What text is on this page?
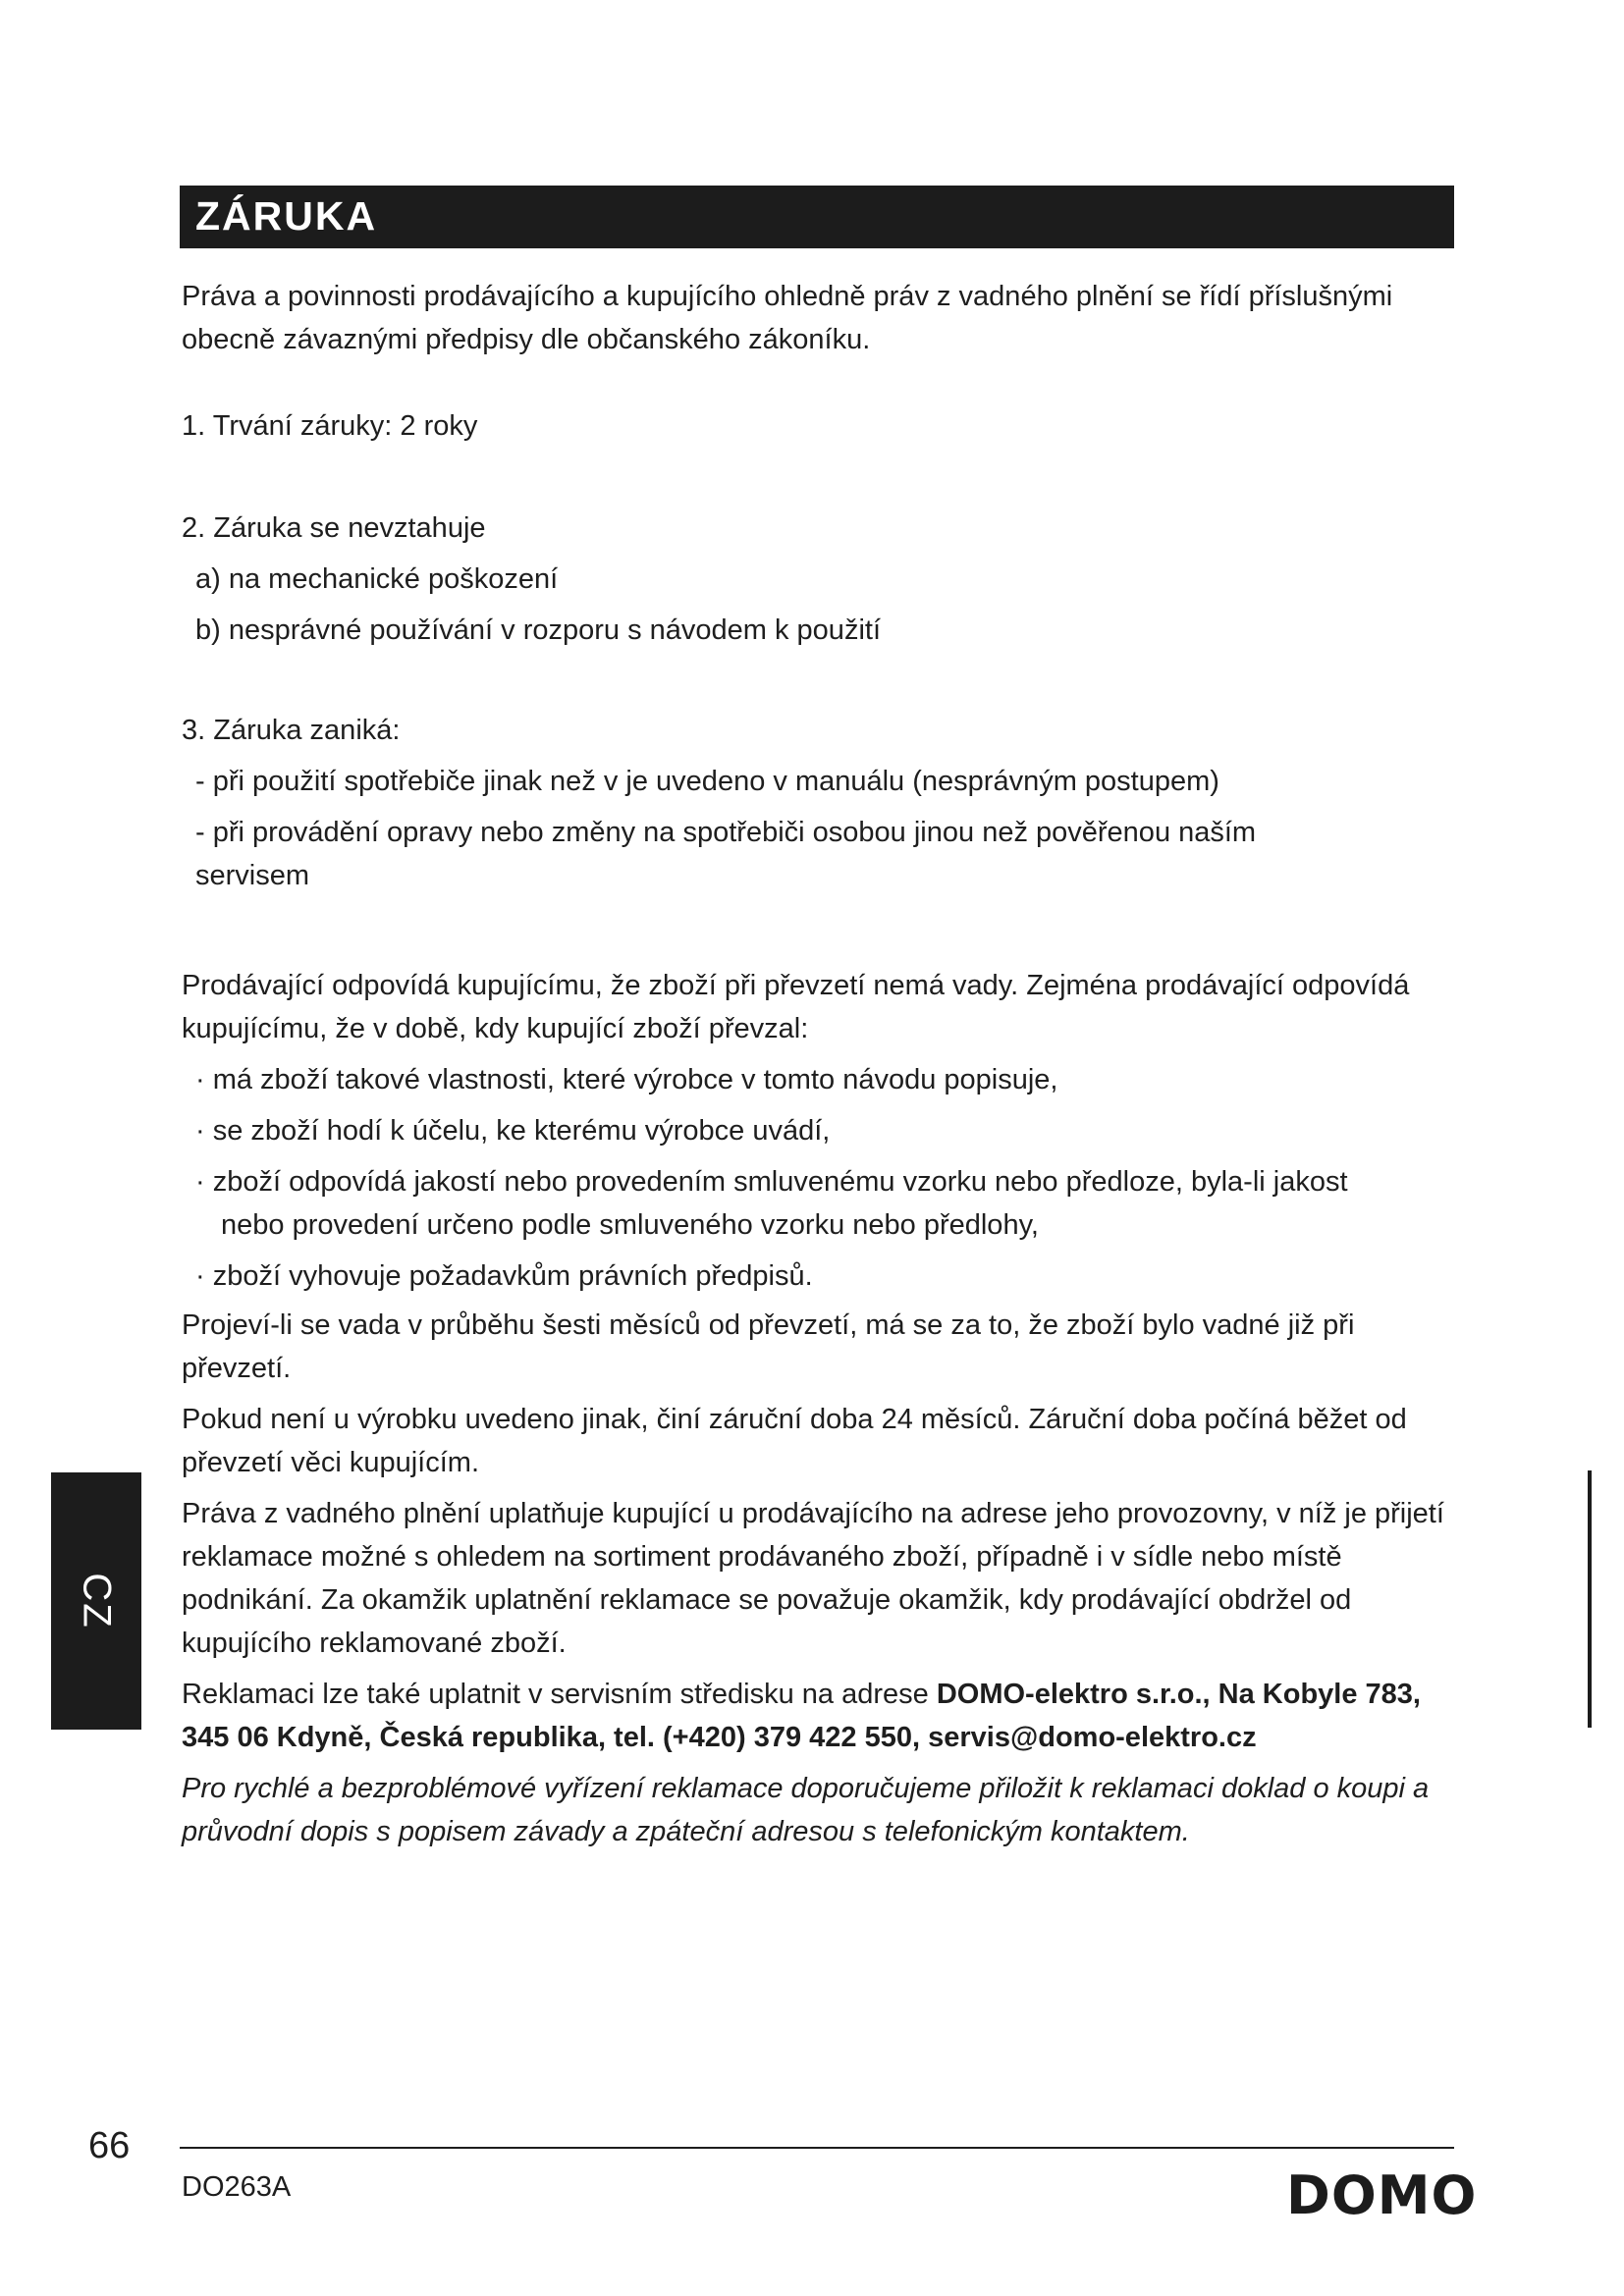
ZÁRUKA

Práva a povinnosti prodávajícího a kupujícího ohledně práv z vadného plnění se řídí příslušnými obecně závaznými předpisy dle občanského zákoníku.

1. Trvání záruky: 2 roky

2. Záruka se nevztahuje

a) na mechanické poškození

b) nesprávné používání v rozporu s návodem k použití

3. Záruka zaniká:

- při použití spotřebiče jinak než v je uvedeno v manuálu (nesprávným postupem)

- při provádění opravy nebo změny na spotřebiči osobou jinou než pověřenou naším servisem

Prodávající odpovídá kupujícímu, že zboží při převzetí nemá vady. Zejména prodávající odpovídá kupujícímu, že v době, kdy kupující zboží převzal:

· má zboží takové vlastnosti, které výrobce v tomto návodu popisuje,

· se zboží hodí k účelu, ke kterému výrobce uvádí,

· zboží odpovídá jakostí nebo provedením smluvenému vzorku nebo předloze, byla-li jakost

nebo provedení určeno podle smluveného vzorku nebo předlohy,

· zboží vyhovuje požadavkům právních předpisů.

Projeví-li se vada v průběhu šesti měsíců od převzetí, má se za to, že zboží bylo vadné již při převzetí.

Pokud není u výrobku uvedeno jinak, činí záruční doba 24 měsíců. Záruční doba počíná běžet od převzetí věci kupujícím.

Práva z vadného plnění uplatňuje kupující u prodávajícího na adrese jeho provozovny, v níž je přijetí reklamace možné s ohledem na sortiment prodávaného zboží, případně i v sídle nebo místě podnikání. Za okamžik uplatnění reklamace se považuje okamžik, kdy prodávající obdržel od kupujícího reklamované zboží.

Reklamaci lze také uplatnit v servisním středisku na adrese DOMO-elektro s.r.o., Na Kobyle 783, 345 06 Kdyně, Česká republika, tel. (+420) 379 422 550, servis@domo-elektro.cz

Pro rychlé a bezproblémové vyřízení reklamace doporučujeme přiložit k reklamaci doklad o koupi a průvodní dopis s popisem závady a zpáteční adresou s telefonickým kontaktem.

CZ
66
DO263A	DOMO
